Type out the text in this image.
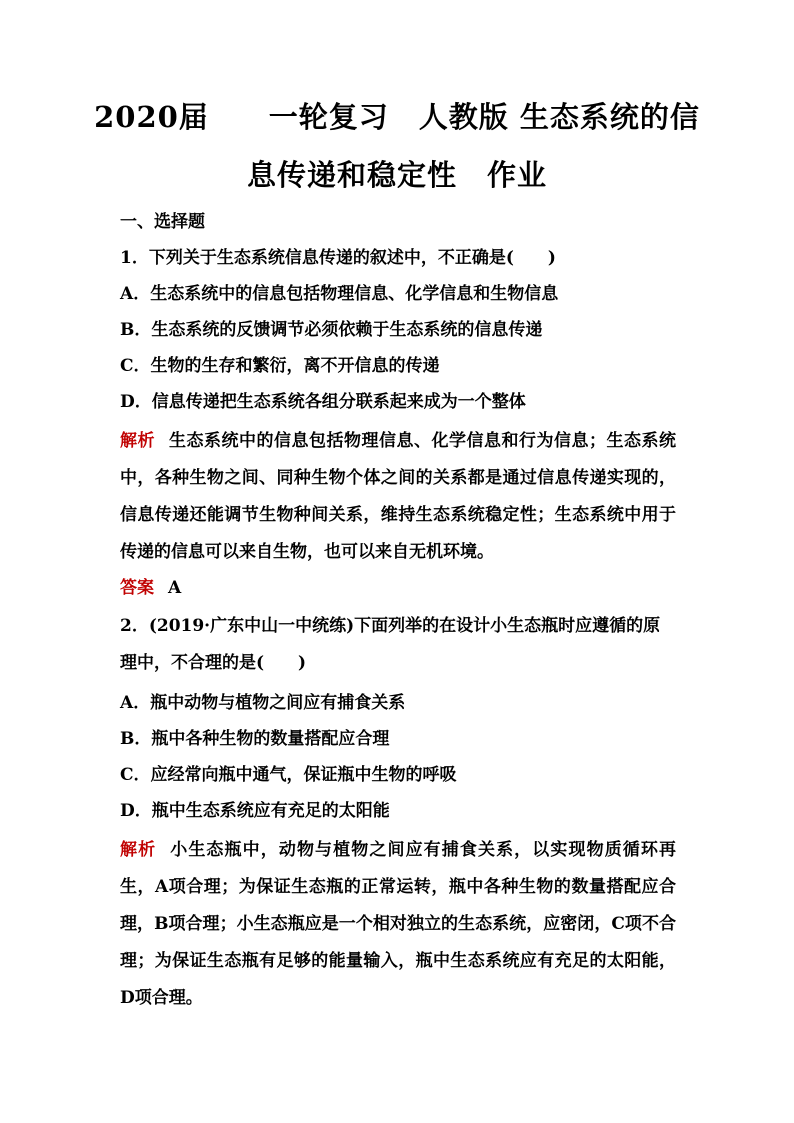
2020届　　一轮复习　人教版 生态系统的信
息传递和稳定性　作业
一、选择题
1．下列关于生态系统信息传递的叙述中，不正确是(　　)
A．生态系统中的信息包括物理信息、化学信息和生物信息
B．生态系统的反馈调节必须依赖于生态系统的信息传递
C．生物的生存和繁衍，离不开信息的传递
D．信息传递把生态系统各组分联系起来成为一个整体
解析 生态系统中的信息包括物理信息、化学信息和行为信息；生态系统中，各种生物之间、同种生物个体之间的关系都是通过信息传递实现的，信息传递还能调节生物种间关系，维持生态系统稳定性；生态系统中用于传递的信息可以来自生物，也可以来自无机环境。
答案 A
2．(2019·广东中山一中统练)下面列举的在设计小生态瓶时应遵循的原理中，不合理的是(　　)
A．瓶中动物与植物之间应有捕食关系
B．瓶中各种生物的数量搭配应合理
C．应经常向瓶中通气，保证瓶中生物的呼吸
D．瓶中生态系统应有充足的太阳能
解析 小生态瓶中，动物与植物之间应有捕食关系，以实现物质循环再生，A项合理；为保证生态瓶的正常运转，瓶中各种生物的数量搭配应合理，B项合理；小生态瓶应是一个相对独立的生态系统，应密闭，C项不合理；为保证生态瓶有足够的能量输入，瓶中生态系统应有充足的太阳能，D项合理。
